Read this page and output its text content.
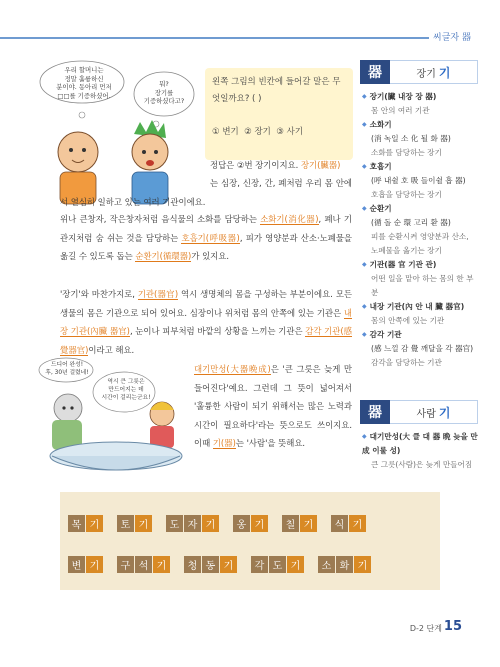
씨글자 器
우리 할머니는
정말 훌륭하신
분이야. 동아리 먼저
□□를 기증하셨어.
뭐?
장기를
기증하셨다고?
왼쪽 그림의 빈칸에 들어갈 말은 무엇일까요? ( )
① 변기  ② 장기  ③ 사기
정답은 ②번 장기이지요. 장기(臟器)
는 심장, 신장, 간, 폐처럼 우리 몸 안에서 열심히 일하고 있는 여러 기관이에요.
위나 큰창자, 작은창자처럼 음식물의 소화를 담당하는 소화기(消化器), 폐나 기관지처럼 숨 쉬는 것을 담당하는 호흡기(呼吸器), 피가 영양분과 산소·노폐물을 옮길 수 있도록 돕는 순환기(循環器)가 있지요.
'장기'와 마찬가지로, 기관(器官) 역시 생명체의 몸을 구성하는 부분이에요. 모든 생물의 몸은 기관으로 되어 있어요. 심장이나 위처럼 몸의 안쪽에 있는 기관은 내장 기관(內臟 器官), 눈이나 피부처럼 바깥의 상황을 느끼는 기관은 감각 기관(感覺器官)이라고 해요.
드디어 완성!
후, 30년 걸렸네!
역시 큰 그릇은
만드어지는 데
시간이 걸리는군요!
대기만성(大器晩成)은 '큰 그릇은 늦게 만들어진다'예요. 그런데 그 뜻이 넓어져서 '훌륭한 사람이 되기 위해서는 많은 노력과 시간이 필요하다'라는 뜻으로도 쓰이지요. 이때 기(器)는 '사람'을 뜻해요.
器	장기 기
◆ 장기(臟 내장 장 器)
몸 안의 여러 기관
◆ 소화기
(消 녹일 소 化 될 화 器)
소화를 담당하는 장기
◆ 호흡기
(呼 내쉴 호 吸 들이쉴 흡 器)
호흡을 담당하는 장기
◆ 순환기
(循 돌 순 環 고리 환 器)
피를 순환시켜 영양분과 산소, 노폐물을 옮기는 장기
◆ 기관(器 官 기관 관)
어떤 일을 맡아 하는 몸의 한 부분
◆ 내장 기관(內 안 내 臟 器官)
몸의 안쪽에 있는 기관
◆ 감각 기관
(感 느낄 감 覺 깨달을 각 器官)
감각을 담당하는 기관
器	사람 기
◆ 대기만성(大 클 대 器 晩 늦을 만 成 이룰 성)
큰 그릇(사람)은 늦게 만들어짐
목 기	토 기	도 자 기	옹 기	칠 기	식 기
변 기	구 석 기	청 동 기	각 도 기	소 화 기
D-2 단계 15
